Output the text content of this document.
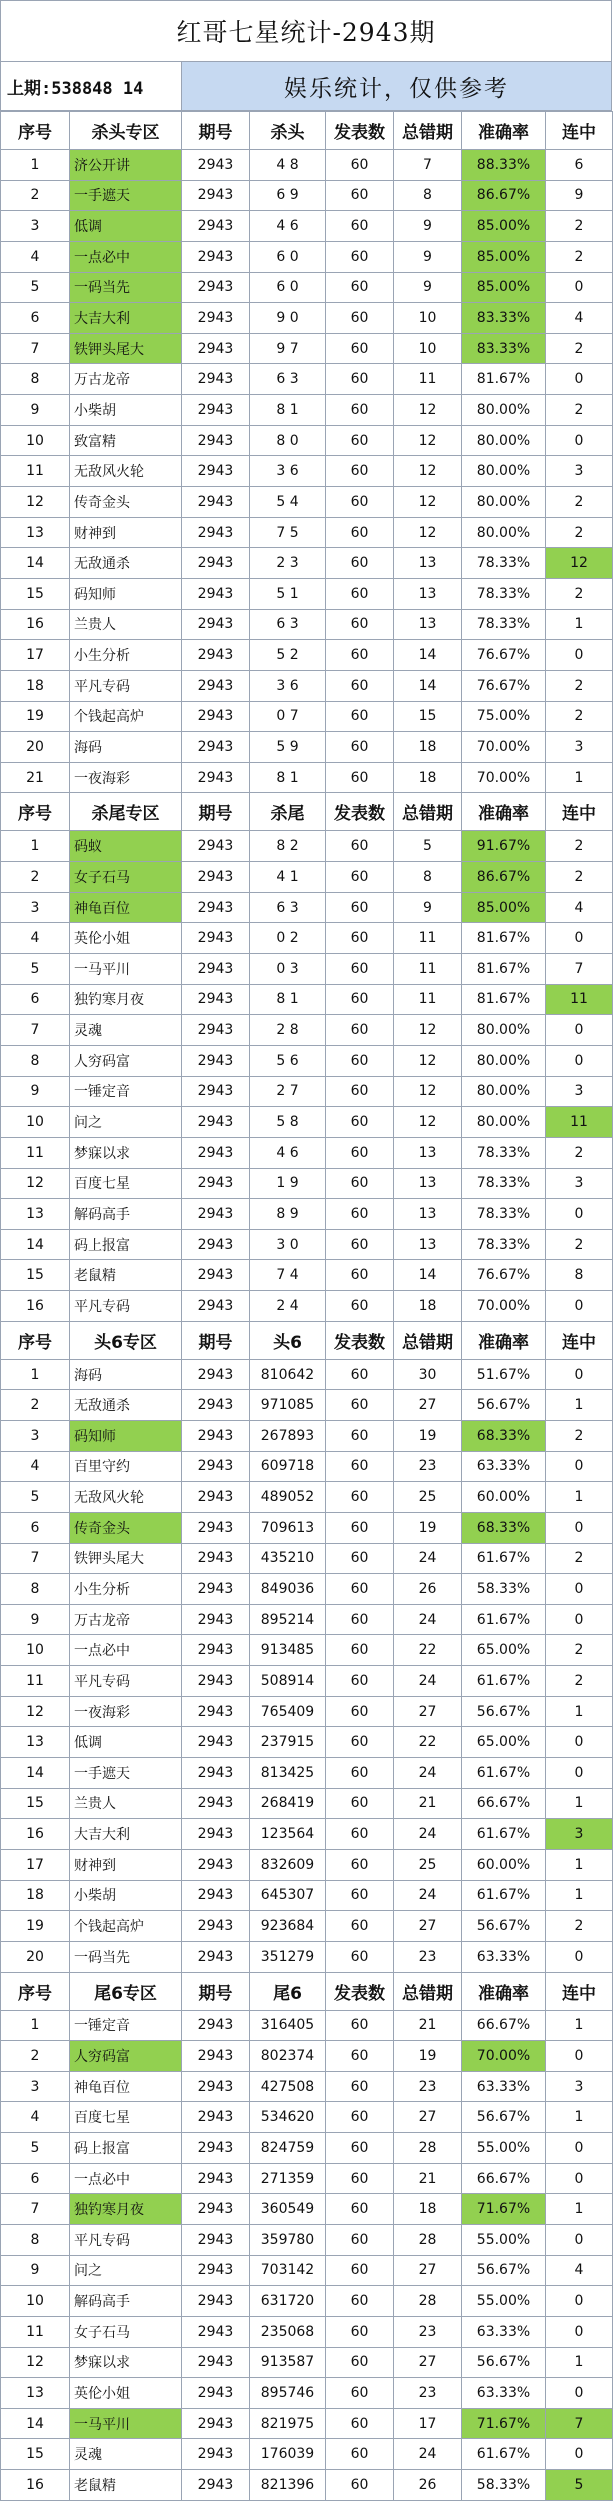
红哥七星统计-2943期
上期:538848 14	娱乐统计，仅供参考
序号	杀头专区	期号	杀头	发表数	总错期	准确率	连中
1	济公开讲	2943	4 8	60	7	88.33%	6
2	一手遮天	2943	6 9	60	8	86.67%	9
3	低调	2943	4 6	60	9	85.00%	2
4	一点必中	2943	6 0	60	9	85.00%	2
5	一码当先	2943	6 0	60	9	85.00%	0
6	大吉大利	2943	9 0	60	10	83.33%	4
7	铁钾头尾大	2943	9 7	60	10	83.33%	2
8	万古龙帝	2943	6 3	60	11	81.67%	0
9	小柴胡	2943	8 1	60	12	80.00%	2
10	致富精	2943	8 0	60	12	80.00%	0
11	无敌风火轮	2943	3 6	60	12	80.00%	3
12	传奇金头	2943	5 4	60	12	80.00%	2
13	财神到	2943	7 5	60	12	80.00%	2
14	无敌通杀	2943	2 3	60	13	78.33%	12
15	码知师	2943	5 1	60	13	78.33%	2
16	兰贵人	2943	6 3	60	13	78.33%	1
17	小生分析	2943	5 2	60	14	76.67%	0
18	平凡专码	2943	3 6	60	14	76.67%	2
19	个钱起高炉	2943	0 7	60	15	75.00%	2
20	海码	2943	5 9	60	18	70.00%	3
21	一夜海彩	2943	8 1	60	18	70.00%	1
序号	杀尾专区	期号	杀尾	发表数	总错期	准确率	连中
1	码蚁	2943	8 2	60	5	91.67%	2
2	女子石马	2943	4 1	60	8	86.67%	2
3	神龟百位	2943	6 3	60	9	85.00%	4
4	英伦小姐	2943	0 2	60	11	81.67%	0
5	一马平川	2943	0 3	60	11	81.67%	7
6	独钓寒月夜	2943	8 1	60	11	81.67%	11
7	灵魂	2943	2 8	60	12	80.00%	0
8	人穷码富	2943	5 6	60	12	80.00%	0
9	一锤定音	2943	2 7	60	12	80.00%	3
10	问之	2943	5 8	60	12	80.00%	11
11	梦寐以求	2943	4 6	60	13	78.33%	2
12	百度七星	2943	1 9	60	13	78.33%	3
13	解码高手	2943	8 9	60	13	78.33%	0
14	码上报富	2943	3 0	60	13	78.33%	2
15	老鼠精	2943	7 4	60	14	76.67%	8
16	平凡专码	2943	2 4	60	18	70.00%	0
序号	头6专区	期号	头6	发表数	总错期	准确率	连中
1	海码	2943	810642	60	30	51.67%	0
2	无敌通杀	2943	971085	60	27	56.67%	1
3	码知师	2943	267893	60	19	68.33%	2
4	百里守约	2943	609718	60	23	63.33%	0
5	无敌风火轮	2943	489052	60	25	60.00%	1
6	传奇金头	2943	709613	60	19	68.33%	0
7	铁钾头尾大	2943	435210	60	24	61.67%	2
8	小生分析	2943	849036	60	26	58.33%	0
9	万古龙帝	2943	895214	60	24	61.67%	0
10	一点必中	2943	913485	60	22	65.00%	2
11	平凡专码	2943	508914	60	24	61.67%	2
12	一夜海彩	2943	765409	60	27	56.67%	1
13	低调	2943	237915	60	22	65.00%	0
14	一手遮天	2943	813425	60	24	61.67%	0
15	兰贵人	2943	268419	60	21	66.67%	1
16	大吉大利	2943	123564	60	24	61.67%	3
17	财神到	2943	832609	60	25	60.00%	1
18	小柴胡	2943	645307	60	24	61.67%	1
19	个钱起高炉	2943	923684	60	27	56.67%	2
20	一码当先	2943	351279	60	23	63.33%	0
序号	尾6专区	期号	尾6	发表数	总错期	准确率	连中
1	一锤定音	2943	316405	60	21	66.67%	1
2	人穷码富	2943	802374	60	19	70.00%	0
3	神龟百位	2943	427508	60	23	63.33%	3
4	百度七星	2943	534620	60	27	56.67%	1
5	码上报富	2943	824759	60	28	55.00%	0
6	一点必中	2943	271359	60	21	66.67%	0
7	独钓寒月夜	2943	360549	60	18	71.67%	1
8	平凡专码	2943	359780	60	28	55.00%	0
9	问之	2943	703142	60	27	56.67%	4
10	解码高手	2943	631720	60	28	55.00%	0
11	女子石马	2943	235068	60	23	63.33%	0
12	梦寐以求	2943	913587	60	27	56.67%	1
13	英伦小姐	2943	895746	60	23	63.33%	0
14	一马平川	2943	821975	60	17	71.67%	7
15	灵魂	2943	176039	60	24	61.67%	0
16	老鼠精	2943	821396	60	26	58.33%	5
